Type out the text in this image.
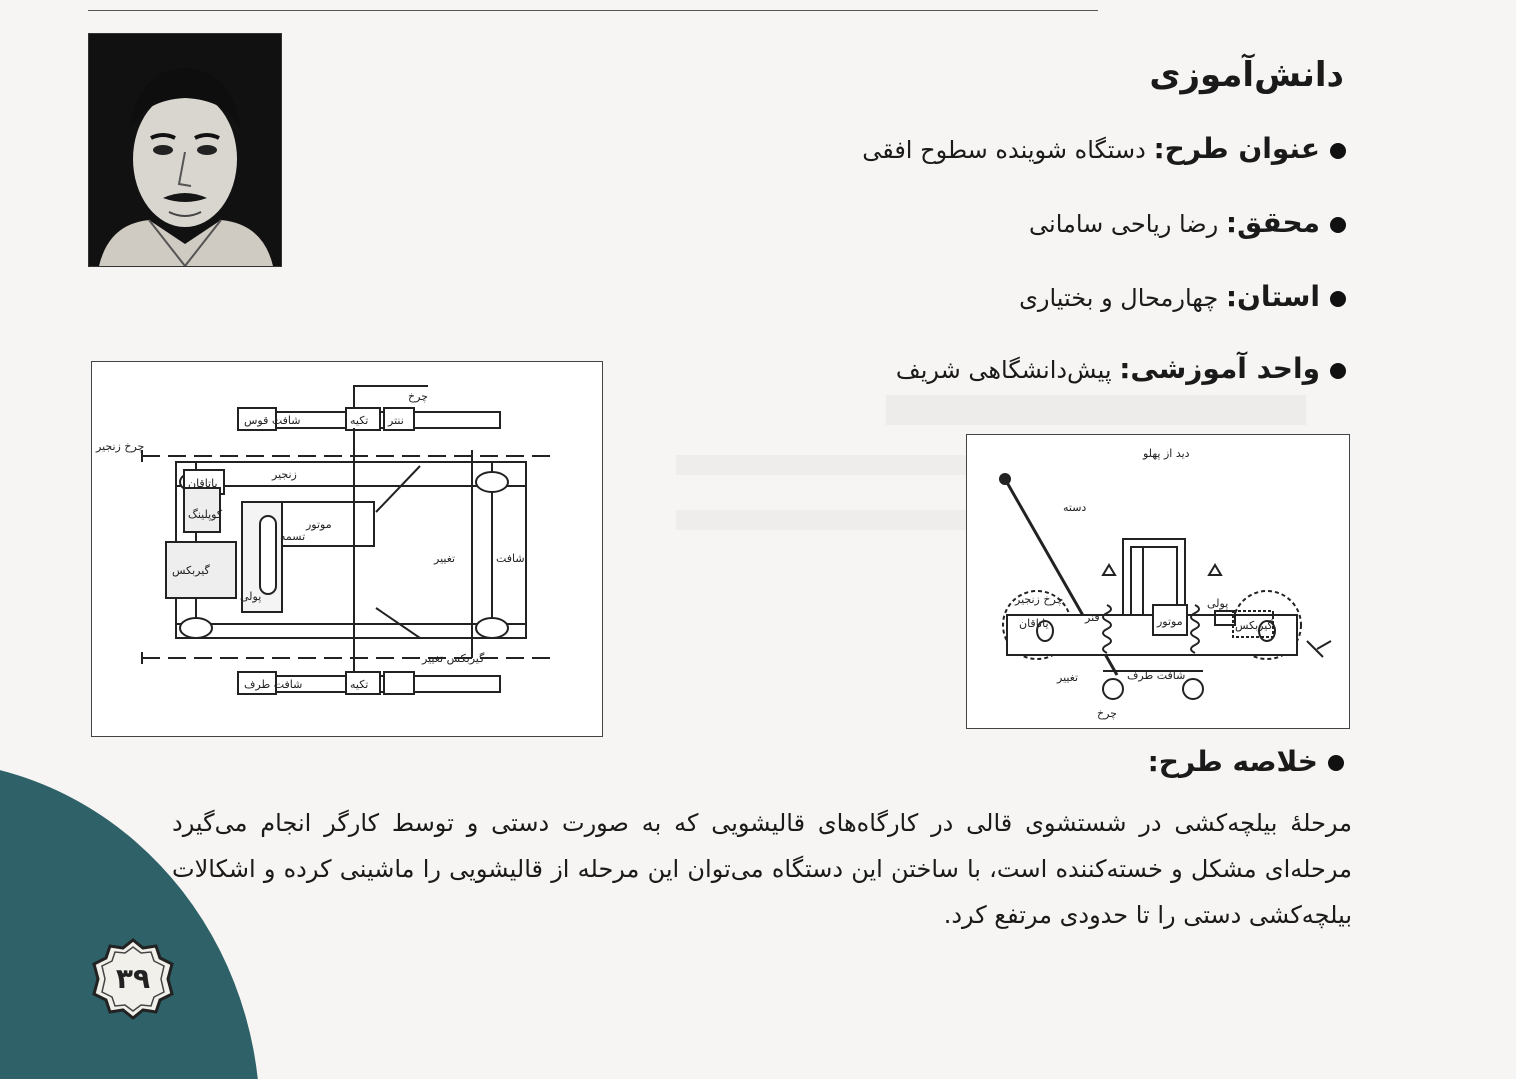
دانش‌آموزی
عنوان طرح: دستگاه شوینده سطوح افقی
محقق: رضا ریاحی سامانی
استان: چهارمحال و بختیاری
واحد آموزشی: پیش‌دانشگاهی شریف
چرخ
ننتر
تکیه
شافت قوس
چرخ زنجیر
زنجیر
یاتاقان
موتور
گیربکس
پولی
تسمه
کوپلینگ
تغییر	شافت
گیربکس تغییر
تکیه
شافت طرف
دید از پهلو
دسته
چرخ زنجیر
یاتاقان	موتور
پولی
گیربکس
فنر
تغییر	شافت طرف
چرخ
خلاصه طرح:
مرحلهٔ بیلچه‌کشی در شستشوی قالی در کارگاه‌های قالیشویی که به صورت دستی و توسط کارگر انجام می‌گیرد مرحله‌ای مشکل و خسته‌کننده است، با ساختن این دستگاه می‌توان این مرحله از قالیشویی را ماشینی کرده و اشکالات بیلچه‌کشی دستی را تا حدودی مرتفع کرد.
۳۹
